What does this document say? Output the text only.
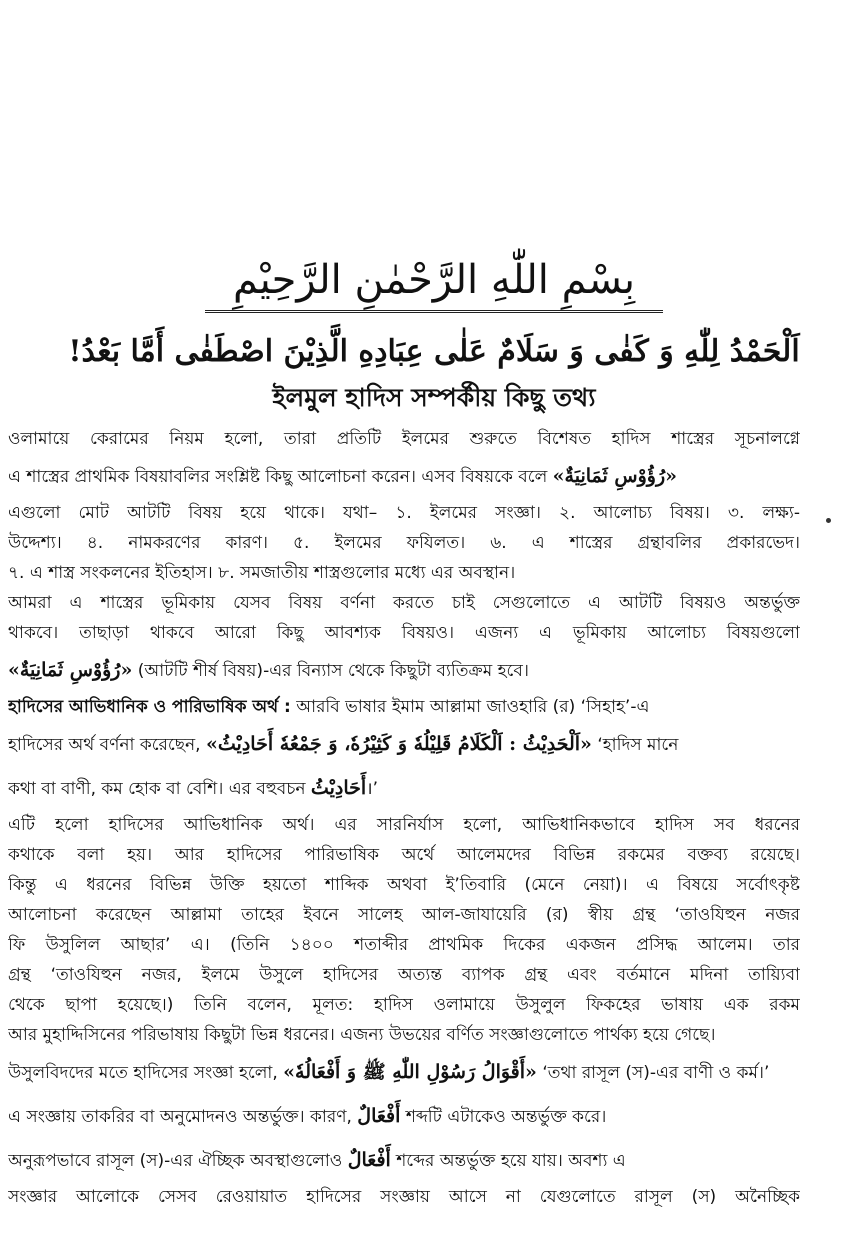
بِسْمِ اللّٰهِ الرَّحْمٰنِ الرَّحِيْمِ
اَلْحَمْدُ لِلّٰهِ وَ كَفٰى وَ سَلَامٌ عَلٰى عِبَادِهِ الَّذِيْنَ اصْطَفٰى أَمَّا بَعْدُ!
ইলমুল হাদিস সম্পর্কীয় কিছু তথ্য
ওলামায়ে কেরামের নিয়ম হলো, তারা প্রতিটি ইলমের শুরুতে বিশেষত হাদিস শাস্ত্রের সূচনালগ্নে
এ শাস্ত্রের প্রাথমিক বিষয়াবলির সংশ্লিষ্ট কিছু আলোচনা করেন। এসব বিষয়কে বলে «رُؤُوْسِ ثَمَانِيَةٌ»
এগুলো মোট আটটি বিষয় হয়ে থাকে। যথা– ১. ইলমের সংজ্ঞা। ২. আলোচ্য বিষয়। ৩. লক্ষ্য-
উদ্দেশ্য। ৪. নামকরণের কারণ। ৫. ইলমের ফযিলত। ৬. এ শাস্ত্রের গ্রন্থাবলির প্রকারভেদ।
৭. এ শাস্ত্র সংকলনের ইতিহাস। ৮. সমজাতীয় শাস্ত্রগুলোর মধ্যে এর অবস্থান।
আমরা এ শাস্ত্রের ভূমিকায় যেসব বিষয় বর্ণনা করতে চাই সেগুলোতে এ আটটি বিষয়ও অন্তর্ভুক্ত
থাকবে। তাছাড়া থাকবে আরো কিছু আবশ্যক বিষয়ও। এজন্য এ ভূমিকায় আলোচ্য বিষয়গুলো
«رُؤُوْسِ ثَمَانِيَةٌ» (আটটি শীর্ষ বিষয়)-এর বিন্যাস থেকে কিছুটা ব্যতিক্রম হবে।
হাদিসের আভিধানিক ও পারিভাষিক অর্থ : আরবি ভাষার ইমাম আল্লামা জাওহারি (র) ‘সিহাহ’-এ
হাদিসের অর্থ বর্ণনা করেছেন, «اَلْحَدِيْثُ : اَلْكَلَامُ قَلِيْلُهٗ وَ كَثِيْرُهٗ، وَ جَمْعُهٗ أَحَادِيْثُ» ‘হাদিস মানে
কথা বা বাণী, কম হোক বা বেশি। এর বহুবচন أَحَادِيْثُ।’
এটি হলো হাদিসের আভিধানিক অর্থ। এর সারনির্যাস হলো, আভিধানিকভাবে হাদিস সব ধরনের
কথাকে বলা হয়। আর হাদিসের পারিভাষিক অর্থে আলেমদের বিভিন্ন রকমের বক্তব্য রয়েছে।
কিন্তু এ ধরনের বিভিন্ন উক্তি হয়তো শাব্দিক অথবা ই’তিবারি (মেনে নেয়া)। এ বিষয়ে সর্বোৎকৃষ্ট
আলোচনা করেছেন আল্লামা তাহের ইবনে সালেহ আল-জাযায়েরি (র) স্বীয় গ্রন্থ ‘তাওযিহুন নজর
ফি উসুলিল আছার’ এ। (তিনি ১৪০০ শতাব্দীর প্রাথমিক দিকের একজন প্রসিদ্ধ আলেম। তার
গ্রন্থ ‘তাওযিহুন নজর, ইলমে উসুলে হাদিসের অত্যন্ত ব্যাপক গ্রন্থ এবং বর্তমানে মদিনা তায়্যিবা
থেকে ছাপা হয়েছে।) তিনি বলেন, মূলত: হাদিস ওলামায়ে উসুলুল ফিকহের ভাষায় এক রকম
আর মুহাদ্দিসিনের পরিভাষায় কিছুটা ভিন্ন ধরনের। এজন্য উভয়ের বর্ণিত সংজ্ঞাগুলোতে পার্থক্য হয়ে গেছে।
উসুলবিদদের মতে হাদিসের সংজ্ঞা হলো, «أَقْوَالُ رَسُوْلِ اللّٰهِ ﷺ وَ أَفْعَالُهٗ» ‘তথা রাসূল (স)-এর বাণী ও কর্ম।’
এ সংজ্ঞায় তাকরির বা অনুমোদনও অন্তর্ভুক্ত। কারণ, أَفْعَالٌ শব্দটি এটাকেও অন্তর্ভুক্ত করে।
অনুরূপভাবে রাসূল (স)-এর ঐচ্ছিক অবস্থাগুলোও أَفْعَالٌ শব্দের অন্তর্ভুক্ত হয়ে যায়। অবশ্য এ
সংজ্ঞার আলোকে সেসব রেওয়ায়াত হাদিসের সংজ্ঞায় আসে না যেগুলোতে রাসূল (স) অনৈচ্ছিক
